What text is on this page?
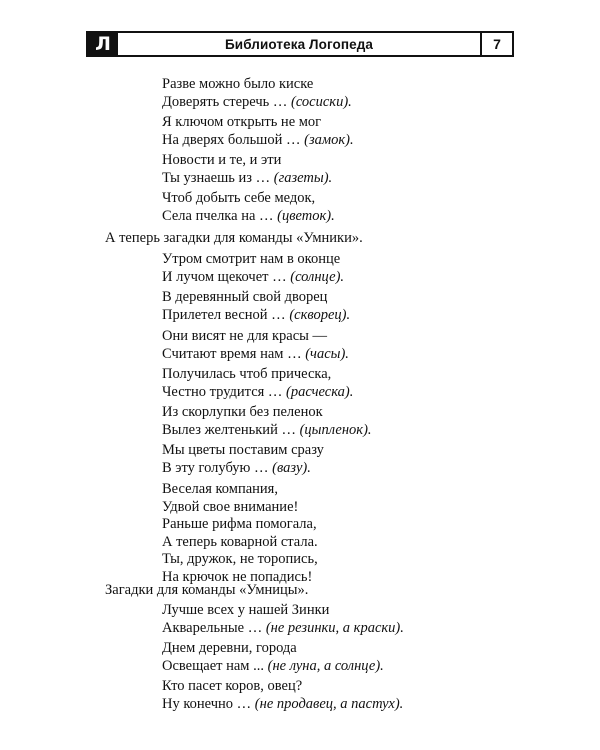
Л	Библиотека Логопеда	7
Разве можно было киске
Доверять стеречь … (сосиски).
Я ключом открыть не мог
На дверях большой … (замок).
Новости и те, и эти
Ты узнаешь из … (газеты).
Чтоб добыть себе медок,
Села пчелка на … (цветок).
А теперь загадки для команды «Умники».
Утром смотрит нам в оконце
И лучом щекочет … (солнце).
В деревянный свой дворец
Прилетел весной … (скворец).
Они висят не для красы —
Считают время нам … (часы).
Получилась чтоб прическа,
Честно трудится … (расческа).
Из скорлупки без пеленок
Вылез желтенький … (цыпленок).
Мы цветы поставим сразу
В эту голубую … (вазу).
Веселая компания,
Удвой свое внимание!
Раньше рифма помогала,
А теперь коварной стала.
Ты, дружок, не торопись,
На крючок не попадись!
Загадки для команды «Умницы».
Лучше всех у нашей Зинки
Акварельные … (не резинки, а краски).
Днем деревни, города
Освещает нам ... (не луна, а солнце).
Кто пасет коров, овец?
Ну конечно … (не продавец, а пастух).
